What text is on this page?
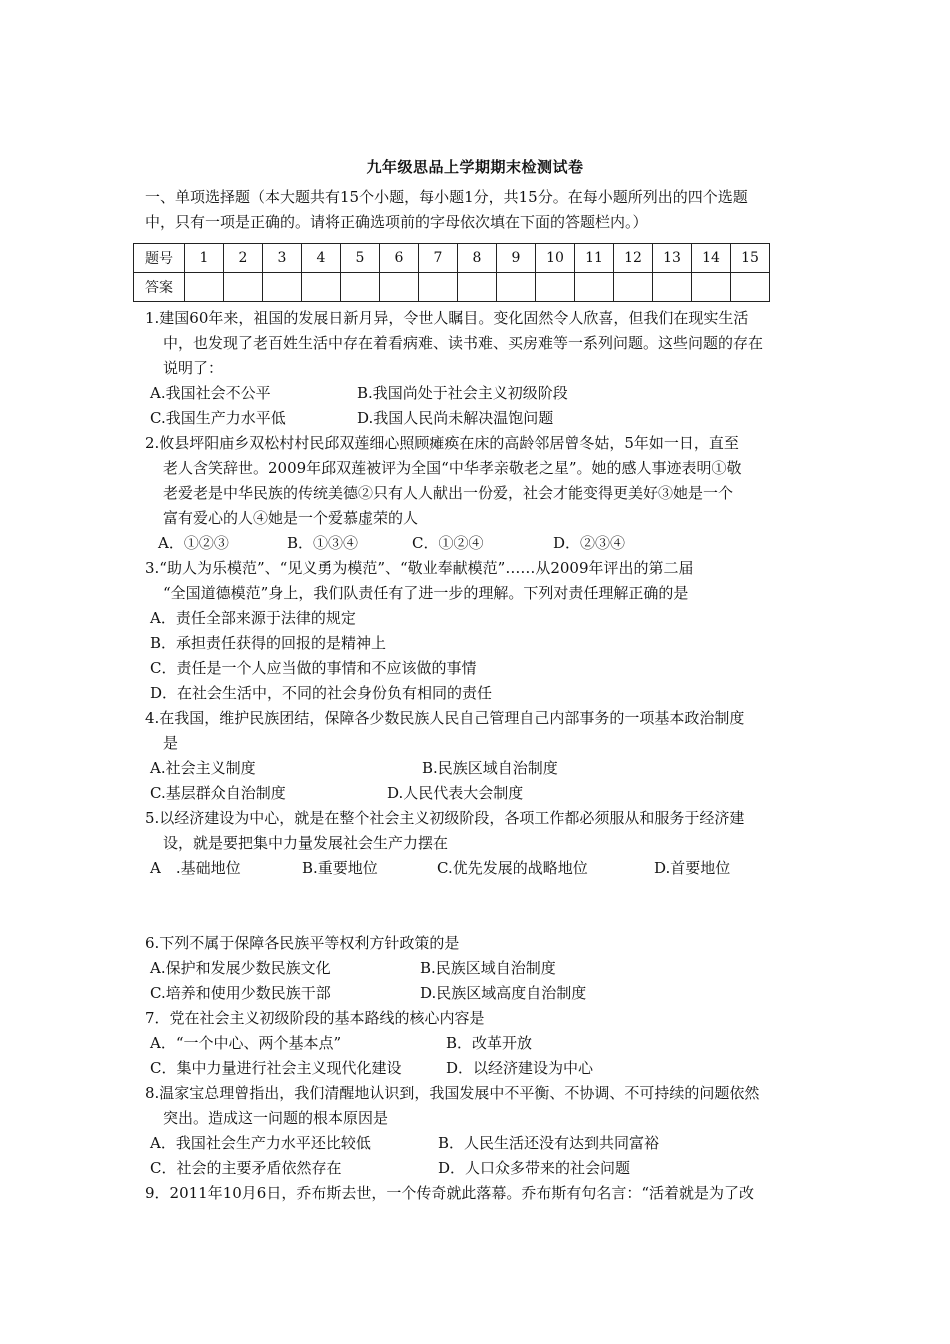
九年级思品上学期期末检测试卷
一、单项选择题（本大题共有15个小题，每小题1分，共15分。在每小题所列出的四个选题
中，只有一项是正确的。请将正确选项前的字母依次填在下面的答题栏内。）
题号	1	2	3	4	5	6	7	8	9	10	11	12	13	14	15
答案															
1.建国60年来，祖国的发展日新月异，令世人瞩目。变化固然令人欣喜，但我们在现实生活
中，也发现了老百姓生活中存在着看病难、读书难、买房难等一系列问题。这些问题的存在
说明了：
A.我国社会不公平	B.我国尚处于社会主义初级阶段
C.我国生产力水平低	D.我国人民尚未解决温饱问题
2.攸县坪阳庙乡双松村村民邱双莲细心照顾瘫痪在床的高龄邻居曾冬姑，5年如一日，直至
老人含笑辞世。2009年邱双莲被评为全国“中华孝亲敬老之星”。她的感人事迹表明①敬
老爱老是中华民族的传统美德②只有人人献出一份爱，社会才能变得更美好③她是一个
富有爱心的人④她是一个爱慕虚荣的人
A．①②③	B．①③④	C．①②④	D．②③④
3.“助人为乐模范”、“见义勇为模范”、“敬业奉献模范”……从2009年评出的第二届
“全国道德模范”身上，我们队责任有了进一步的理解。下列对责任理解正确的是
A．责任全部来源于法律的规定
B．承担责任获得的回报的是精神上
C．责任是一个人应当做的事情和不应该做的事情
D．在社会生活中，不同的社会身份负有相同的责任
4.在我国，维护民族团结，保障各少数民族人民自己管理自己内部事务的一项基本政治制度
是
A.社会主义制度	B.民族区域自治制度
C.基层群众自治制度	D.人民代表大会制度
5.以经济建设为中心，就是在整个社会主义初级阶段，各项工作都必须服从和服务于经济建
设，就是要把集中力量发展社会生产力摆在
A　.基础地位	B.重要地位	C.优先发展的战略地位	D.首要地位
6.下列不属于保障各民族平等权利方针政策的是
A.保护和发展少数民族文化	B.民族区域自治制度
C.培养和使用少数民族干部	D.民族区域高度自治制度
7．党在社会主义初级阶段的基本路线的核心内容是
A．“一个中心、两个基本点”	B．改革开放
C．集中力量进行社会主义现代化建设	D．以经济建设为中心
8.温家宝总理曾指出，我们清醒地认识到，我国发展中不平衡、不协调、不可持续的问题依然
突出。造成这一问题的根本原因是
A．我国社会生产力水平还比较低	B．人民生活还没有达到共同富裕
C．社会的主要矛盾依然存在	D．人口众多带来的社会问题
9．2011年10月6日，乔布斯去世，一个传奇就此落幕。乔布斯有句名言：“活着就是为了改
